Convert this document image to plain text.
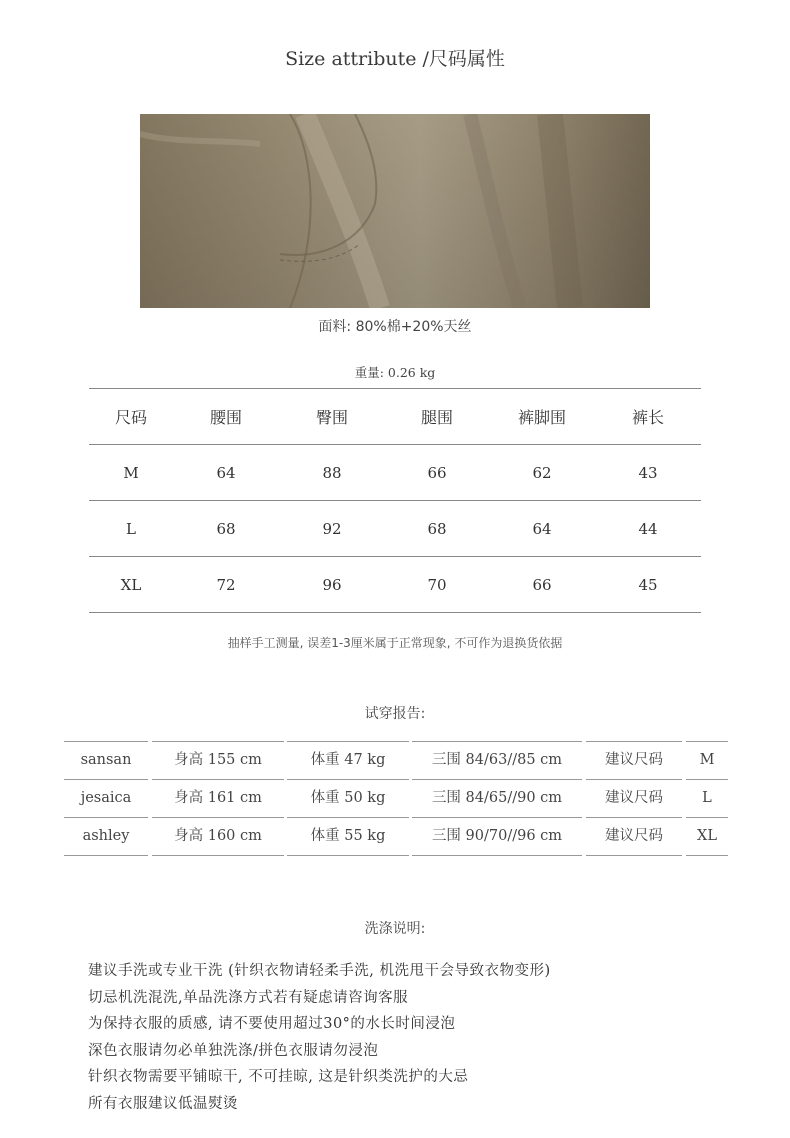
Size attribute /尺码属性
面料: 80%棉+20%天丝
重量: 0.26 kg
尺码	腰围	臀围	腿围	裤脚围	裤长
M	64	88	66	62	43
L	68	92	68	64	44
XL	72	96	70	66	45
抽样手工测量, 误差1-3厘米属于正常现象, 不可作为退换货依据
试穿报告:
sansan	身高 155 cm	体重 47 kg	三围 84/63//85 cm	建议尺码	M
jesaica	身高 161 cm	体重 50 kg	三围 84/65//90 cm	建议尺码	L
ashley	身高 160 cm	体重 55 kg	三围 90/70//96 cm	建议尺码	XL
洗涤说明:
建议手洗或专业干洗 (针织衣物请轻柔手洗, 机洗甩干会导致衣物变形)
切忌机洗混洗,单品洗涤方式若有疑虑请咨询客服
为保持衣服的质感, 请不要使用超过30°的水长时间浸泡
深色衣服请勿必单独洗涤/拼色衣服请勿浸泡
针织衣物需要平铺晾干, 不可挂晾, 这是针织类洗护的大忌
所有衣服建议低温熨烫
